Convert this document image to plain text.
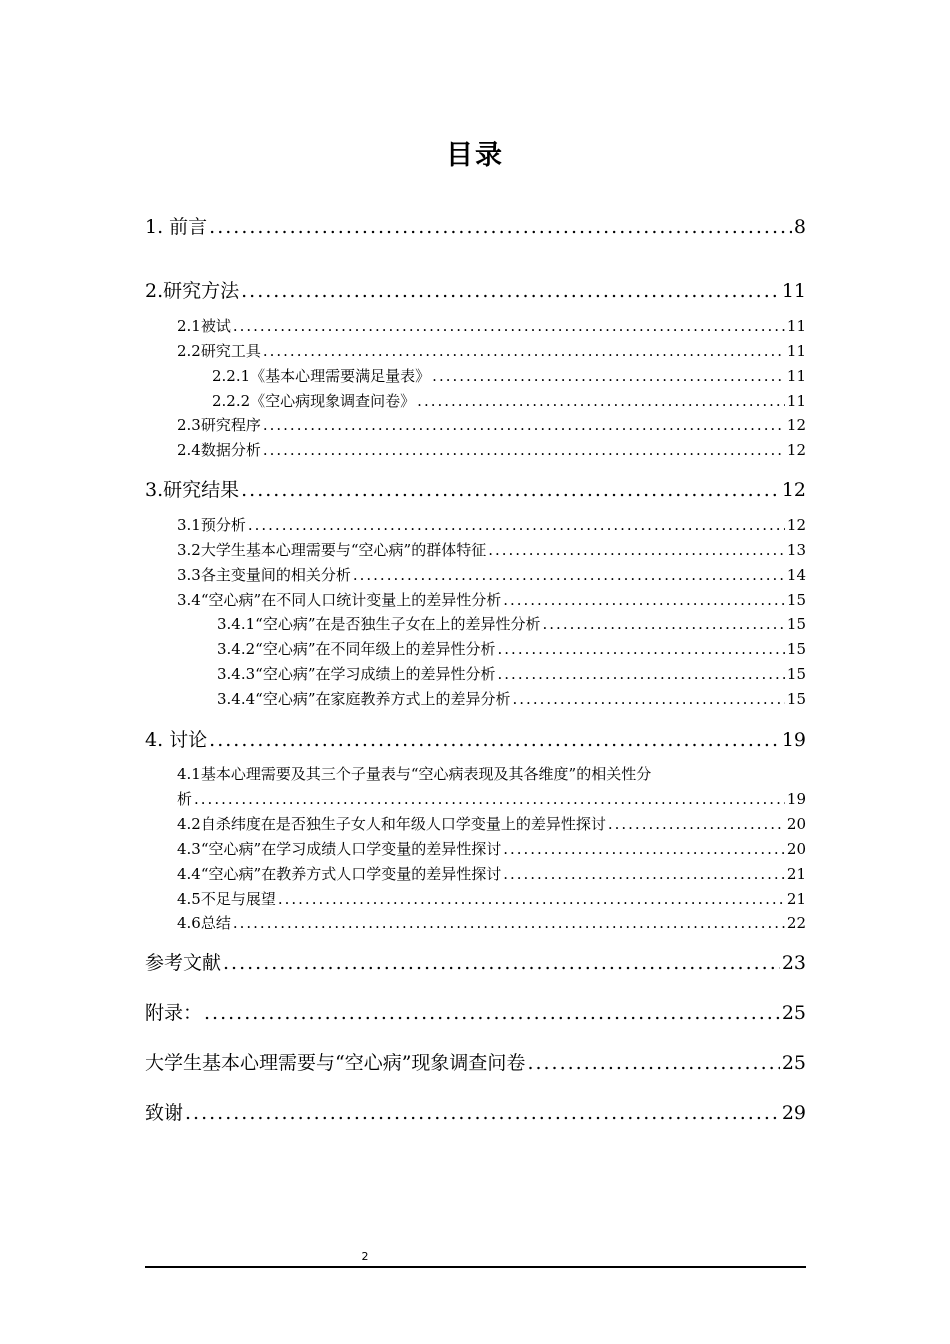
目录
1. 前言 .....	8
2.研究方法 .....	11
2.1被试 .....	11
2.2研究工具 .....	11
2.2.1《基本心理需要满足量表》 .....	11
2.2.2《空心病现象调查问卷》 .....	11
2.3研究程序 .....	12
2.4数据分析 .....	12
3.研究结果 .....	12
3.1预分析 .....	12
3.2大学生基本心理需要与“空心病”的群体特征 .....	13
3.3各主变量间的相关分析 .....	14
3.4“空心病”在不同人口统计变量上的差异性分析 .....	15
3.4.1“空心病”在是否独生子女在上的差异性分析 .....	15
3.4.2“空心病”在不同年级上的差异性分析 .....	15
3.4.3“空心病”在学习成绩上的差异性分析 .....	15
3.4.4“空心病”在家庭教养方式上的差异分析 .....	15
4. 讨论 .....	19
4.1基本心理需要及其三个子量表与“空心病表现及其各维度”的相关性分
析 .....	19
4.2自杀纬度在是否独生子女人和年级人口学变量上的差异性探讨 .....	20
4.3“空心病”在学习成绩人口学变量的差异性探讨 .....	20
4.4“空心病”在教养方式人口学变量的差异性探讨 .....	21
4.5不足与展望 .....	21
4.6总结 .....	22
参考文献 .....	23
附录： .....	25
大学生基本心理需要与“空心病”现象调查问卷 .....	25
致谢 .....	29
2
